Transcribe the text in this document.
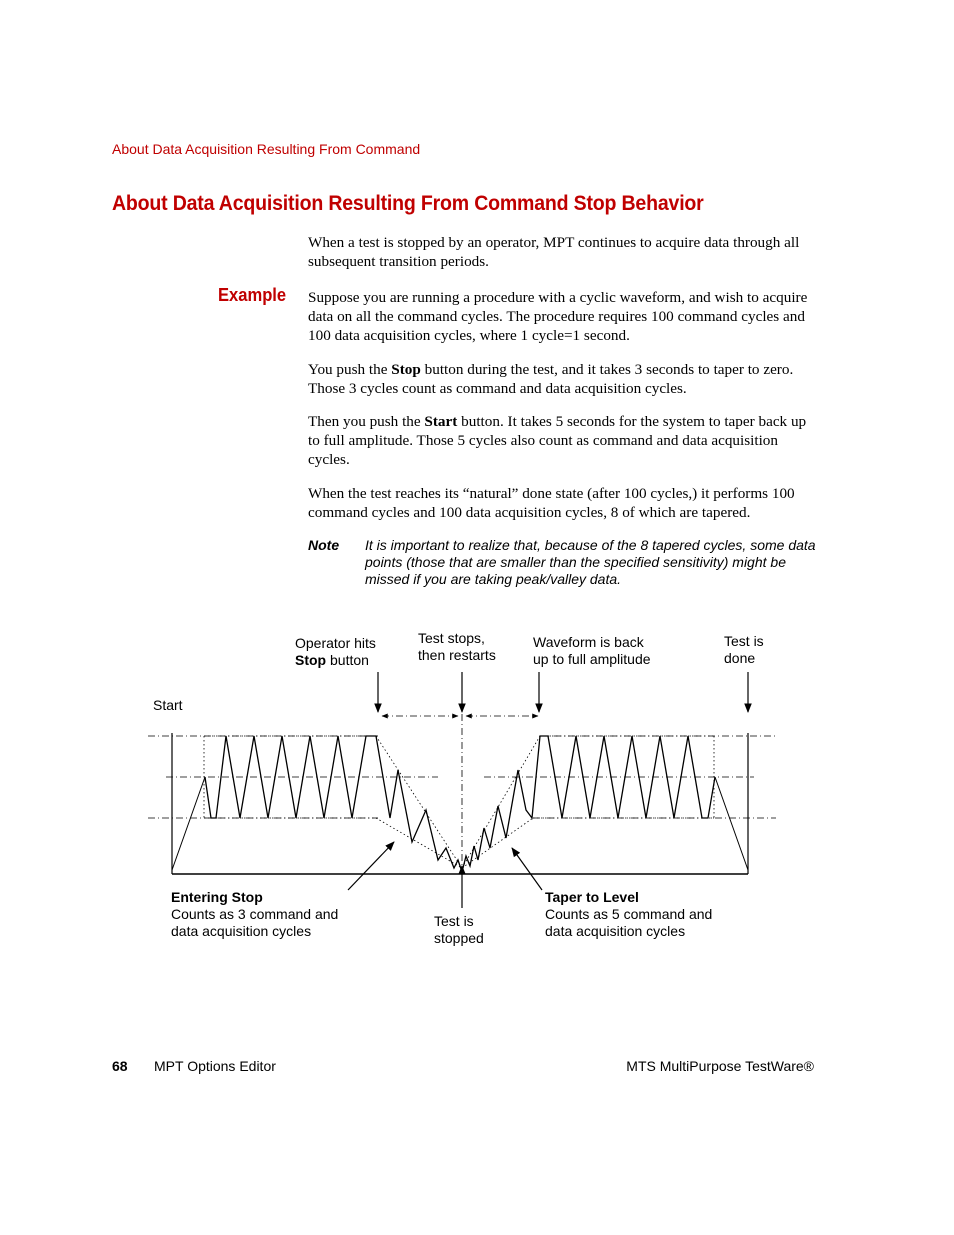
About Data Acquisition Resulting From Command
About Data Acquisition Resulting From Command Stop Behavior
When a test is stopped by an operator, MPT continues to acquire data through all subsequent transition periods.
Example Suppose you are running a procedure with a cyclic waveform, and wish to acquire data on all the command cycles. The procedure requires 100 command cycles and 100 data acquisition cycles, where 1 cycle=1 second.
You push the Stop button during the test, and it takes 3 seconds to taper to zero. Those 3 cycles count as command and data acquisition cycles.
Then you push the Start button. It takes 5 seconds for the system to taper back up to full amplitude. Those 5 cycles also count as command and data acquisition cycles.
When the test reaches its “natural” done state (after 100 cycles,) it performs 100 command cycles and 100 data acquisition cycles, 8 of which are tapered.
Note It is important to realize that, because of the 8 tapered cycles, some data points (those that are smaller than the specified sensitivity) might be missed if you are taking peak/valley data.
Operator hits
Stop button
Test stops,
then restarts
Waveform is back
up to full amplitude
Test is
done
Start
Entering Stop
Counts as 3 command and
data acquisition cycles
Test is
stopped
Taper to Level
Counts as 5 command and
data acquisition cycles
68 MPT Options Editor	MTS MultiPurpose TestWare®
